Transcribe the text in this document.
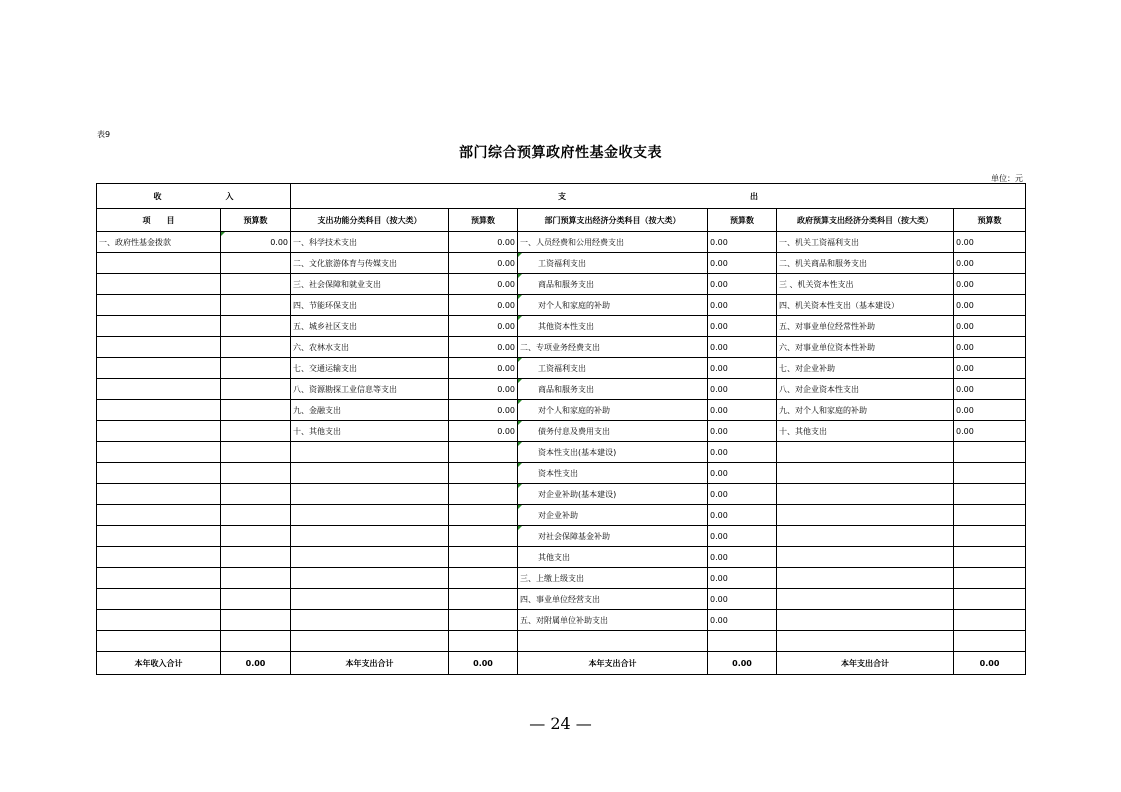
表9
部门综合预算政府性基金收支表
单位：元
收　　　　　　　　入		支　　　　　　　　　　　　　　　　　　　　　　　出					
项　　目	预算数	支出功能分类科目（按大类）	预算数	部门预算支出经济分类科目（按大类）	预算数	政府预算支出经济分类科目（按大类）	预算数
一、政府性基金拨款	0.00	一、科学技术支出	0.00	一、人员经费和公用经费支出	0.00	一、机关工资福利支出	0.00
		二、文化旅游体育与传媒支出	0.00	工资福利支出	0.00	二、机关商品和服务支出	0.00
		三、社会保障和就业支出	0.00	商品和服务支出	0.00	三 、机关资本性支出	0.00
		四、节能环保支出	0.00	对个人和家庭的补助	0.00	四、机关资本性支出（基本建设）	0.00
		五、城乡社区支出	0.00	其他资本性支出	0.00	五、对事业单位经常性补助	0.00
		六、农林水支出	0.00	二、专项业务经费支出	0.00	六、对事业单位资本性补助	0.00
		七、交通运输支出	0.00	工资福利支出	0.00	七、对企业补助	0.00
		八、资源勘探工业信息等支出	0.00	商品和服务支出	0.00	八、对企业资本性支出	0.00
		九、金融支出	0.00	对个人和家庭的补助	0.00	九、对个人和家庭的补助	0.00
		十、其他支出	0.00	债务付息及费用支出	0.00	十、其他支出	0.00
				资本性支出(基本建设)	0.00		
				资本性支出	0.00		
				对企业补助(基本建设)	0.00		
				对企业补助	0.00		
				对社会保障基金补助	0.00		
				其他支出	0.00		
				三、上缴上级支出	0.00		
				四、事业单位经营支出	0.00		
				五、对附属单位补助支出	0.00		

本年收入合计	0.00	本年支出合计	0.00	本年支出合计	0.00	本年支出合计	0.00
— 24 —
